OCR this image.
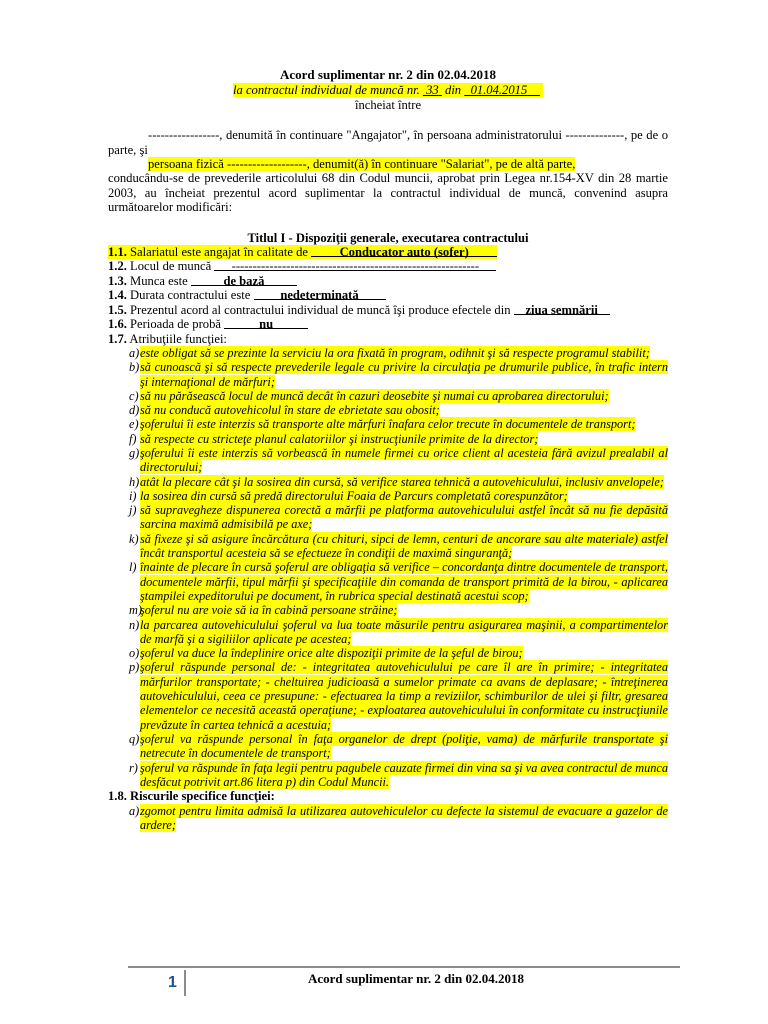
Acord suplimentar nr. 2 din 02.04.2018

la contractul individual de muncă nr. 33 din 01.04.2015

încheiat între

-----------------, denumită în continuare "Angajator", în persoana administratorului --------------, pe de o parte, şi

persoana fizică -------------------, denumit(ă) în continuare "Salariat", pe de altă parte,

conducându-se de prevederile articolului 68 din Codul muncii, aprobat prin Legea nr.154-XV din 28 martie 2003, au încheiat prezentul acord suplimentar la contractul individual de muncă, convenind asupra următoarelor modificări:

Titlul I - Dispoziţii generale, executarea contractului

1.1. Salariatul este angajat în calitate de	Conducator auto (sofer)

1.2. Locul de muncă -----------------------------------------------------------

1.3. Munca este	de bază

1.4. Durata contractului este nedeterminată

1.5. Prezentul acord al contractului individual de muncă îşi produce efectele din ziua semnării

1.6. Perioada de probă	nu

1.7. Atribuţiile funcţiei:

a) este obligat să se prezinte la serviciu la ora fixată în program, odihnit şi să respecte programul stabilit;
b) să cunoască şi să respecte prevederile legale cu privire la circulaţia pe drumurile publice, în trafic intern şi internaţional de mărfuri;
c) să nu părăsească locul de muncă decât în cazuri deosebite şi numai cu aprobarea directorului;
d) să nu conducă autovehicolul în stare de ebrietate sau obosit;
e) şoferului îi este interzis să transporte alte mărfuri înafara celor trecute în documentele de transport;
f) să respecte cu stricteţe planul calatoriilor şi instrucţiunile primite de la director;
g) şoferului îi este interzis să vorbească în numele firmei cu orice client al acesteia fără avizul prealabil al directorului;
h) atât la plecare cât şi la sosirea din cursă, să verifice starea tehnică a autovehiculului, inclusiv anvelopele;
i) la sosirea din cursă să predă directorului Foaia de Parcurs completată corespunzător;
j) să supravegheze dispunerea corectă a mărfii pe platforma autovehiculului astfel încât să nu fie depăsită sarcina maximă admisibilă pe axe;
k) să fixeze şi să asigure încărcătura (cu chituri, sipci de lemn, centuri de ancorare sau alte materiale) astfel încât transportul acesteia să se efectueze în condiţii de maximă singuranţă;
l) înainte de plecare în cursă şoferul are obligaţia să verifice – concordanţa dintre documentele de transport, documentele mărfii, tipul mărfii şi specificaţiile din comanda de transport primită de la birou, - aplicarea ştampilei expeditorului pe document, în rubrica special destinată acestui scop;
m)
şoferul nu are voie să ia în cabină persoane străine;
n) la parcarea autovehiculului şoferul va lua toate măsurile pentru asigurarea maşinii, a compartimentelor de marfă şi a sigiliilor aplicate pe acestea;
o) şoferul va duce la îndeplinire orice alte dispoziţii primite de la şeful de birou;
p) şoferul răspunde personal de: - integritatea autovehiculului pe care îl are în primire; - integritatea mărfurilor transportate; - cheltuirea judicioasă a sumelor primate ca avans de deplasare; - întreţinerea autovehiculului, ceea ce presupune: - efectuarea la timp a reviziilor, schimburilor de ulei şi filtr, gresarea elementelor ce necesită această operaţiune; - exploatarea autovehiculului în conformitate cu instrucţiunile prevăzute în cartea tehnică a acestuia;
q) şoferul va răspunde personal în faţa organelor de drept (poliţie, vama) de mărfurile transportate şi netrecute în documentele de transport;
r) şoferul va răspunde în faţa legii pentru pagubele cauzate firmei din vina sa şi va avea contractul de munca desfăcut potrivit art.86 litera p) din Codul Muncii.

1.8. Riscurile specifice funcţiei:

a) zgomot pentru limita admisă la utilizarea autovehiculelor cu defecte la sistemul de evacuare a gazelor de ardere;
1	Acord suplimentar nr. 2 din 02.04.2018
